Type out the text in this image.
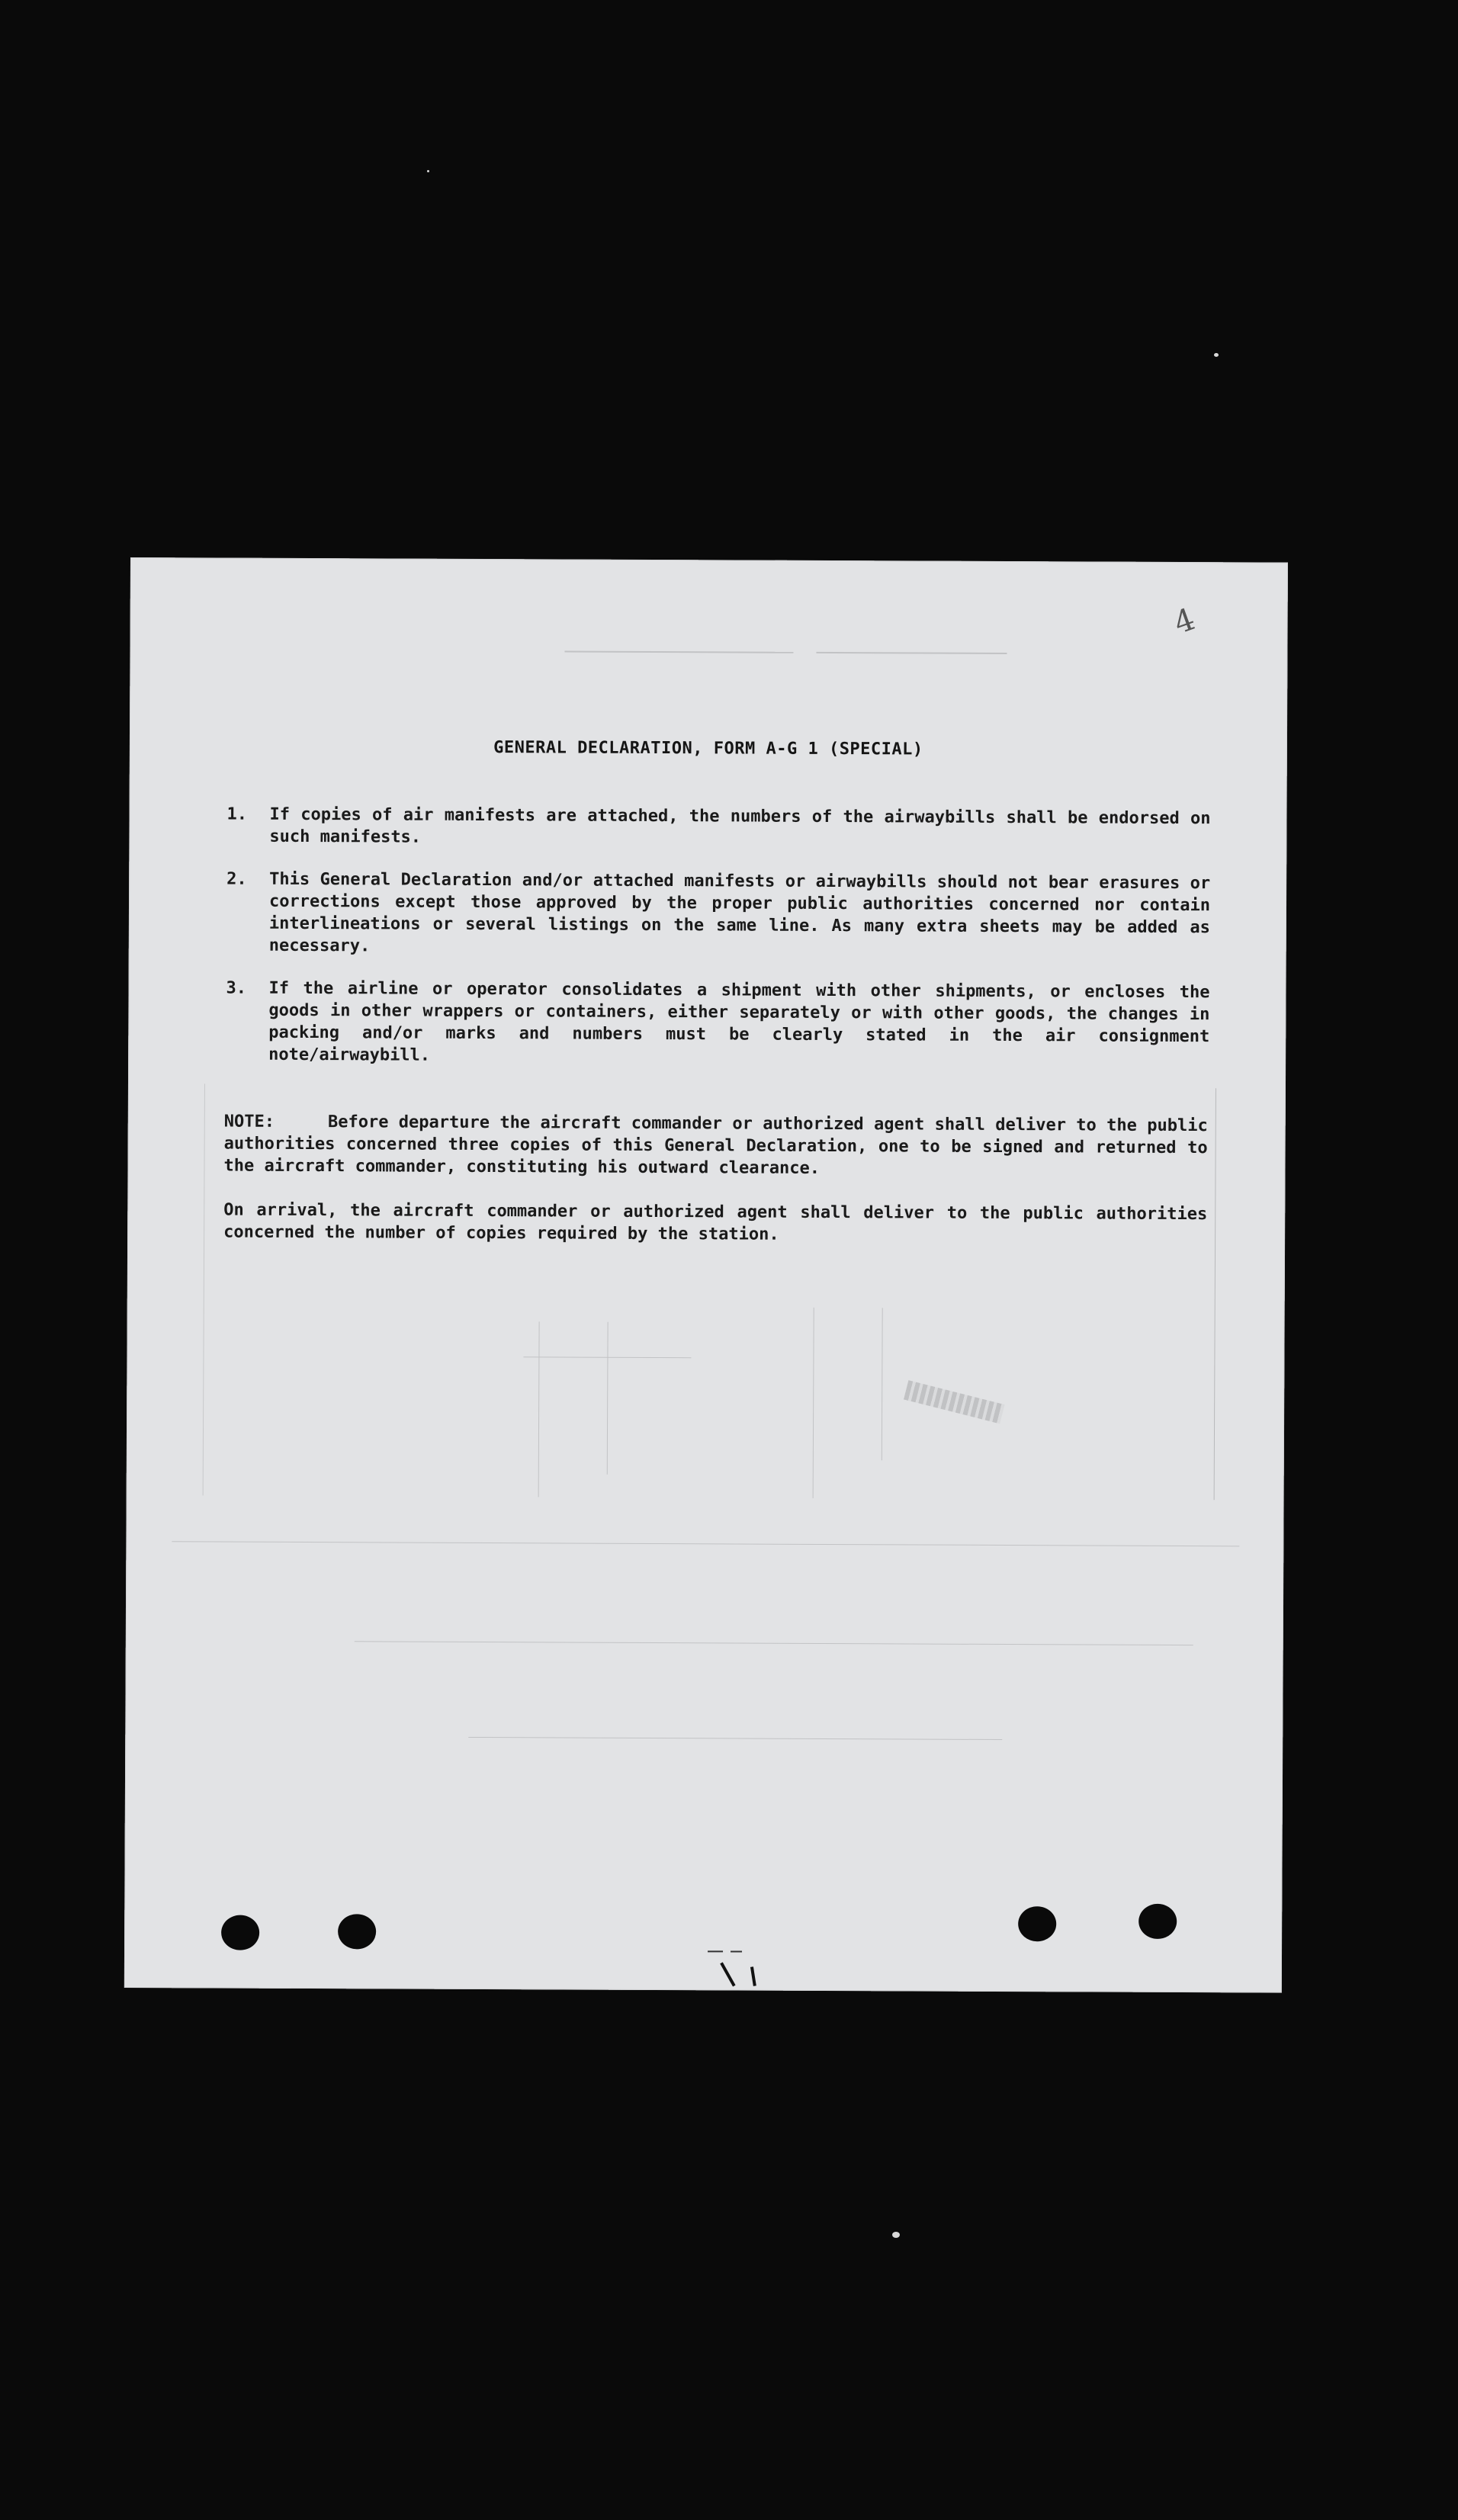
4
GENERAL DECLARATION, FORM A-G 1 (SPECIAL)
1.	If copies of air manifests are attached, the numbers of the airwaybills shall be endorsed on such manifests.
2.	This General Declaration and/or attached manifests or airwaybills should not bear erasures or corrections except those approved by the proper public authorities concerned nor contain interlineations or several listings on the same line. As many extra sheets may be added as necessary.
3.	If the airline or operator consolidates a shipment with other shipments, or encloses the goods in other wrappers or containers, either separately or with other goods, the changes in packing and/or marks and numbers must be clearly stated in the air consignment note/airwaybill.

NOTE:	Before departure the aircraft commander or authorized agent shall deliver to the public authorities concerned three copies of this General Declaration, one to be signed and returned to the aircraft commander, constituting his outward clearance.

On arrival, the aircraft commander or authorized agent shall deliver to the public authorities concerned the number of copies required by the station.
